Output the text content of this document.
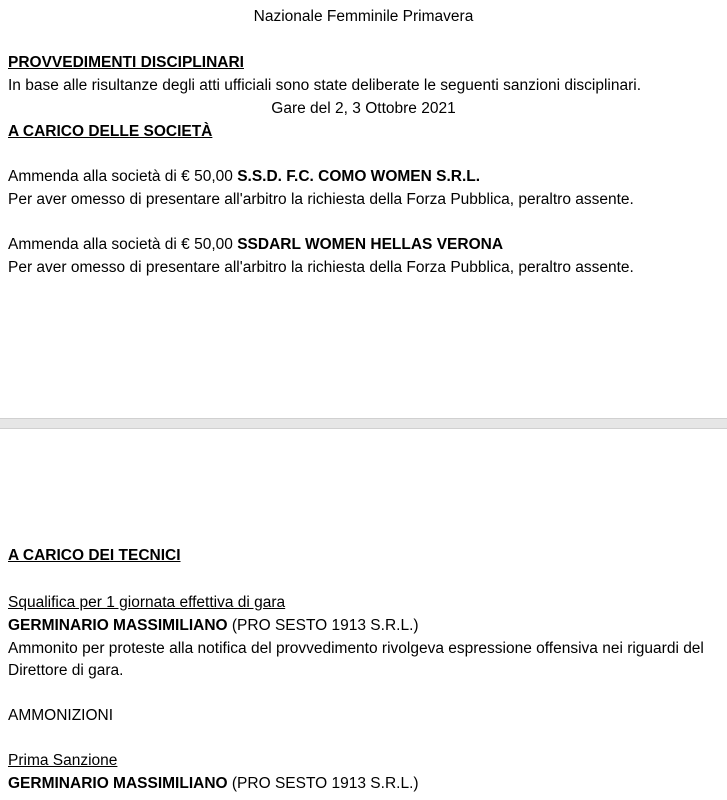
Nazionale Femminile Primavera
PROVVEDIMENTI DISCIPLINARI
In base alle risultanze degli atti ufficiali sono state deliberate le seguenti sanzioni disciplinari.
Gare del 2, 3 Ottobre 2021
A CARICO DELLE SOCIETÀ
Ammenda alla società di € 50,00 S.S.D. F.C. COMO WOMEN S.R.L.
Per aver omesso di presentare all'arbitro la richiesta della Forza Pubblica, peraltro assente.
Ammenda alla società di € 50,00 SSDARL WOMEN HELLAS VERONA
Per aver omesso di presentare all'arbitro la richiesta della Forza Pubblica, peraltro assente.
A CARICO DEI TECNICI
Squalifica per 1 giornata effettiva di gara
GERMINARIO MASSIMILIANO (PRO SESTO 1913 S.R.L.)
Ammonito per proteste alla notifica del provvedimento rivolgeva espressione offensiva nei riguardi del
Direttore di gara.
AMMONIZIONI
Prima Sanzione
GERMINARIO MASSIMILIANO (PRO SESTO 1913 S.R.L.)
